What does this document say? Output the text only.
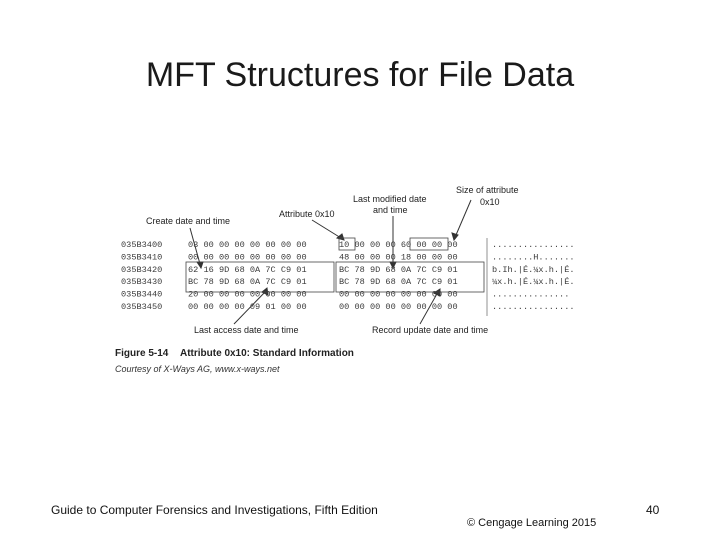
MFT Structures for File Data
Create date and time
Attribute 0x10
Last modified date
and time
Size of attribute
0x10
Last access date and time	Record update date and time
035B3400	03 00 00 00 00 00 00 00	10 00 00 00 60 00 00 00	................
035B3410	00 00 00 00 00 00 00 00	48 00 00 00 18 00 00 00	........H.......
035B3420	62 16 9D 68 0A 7C C9 01	BC 78 9D 68 0A 7C C9 01	b.Ih.|É.¼x.h.|É.
035B3430	BC 78 9D 68 0A 7C C9 01	BC 78 9D 68 0A 7C C9 01	¼x.h.|É.¼x.h.|É.
035B3440	20 00 00 00 00 00 00 00	00 00 00 00 00 00 00 00	...............
035B3450	00 00 00 00 09 01 00 00	00 00 00 00 00 00 00 00	................
Figure 5-14 Attribute 0x10: Standard Information
Courtesy of X-Ways AG, www.x-ways.net
Guide to Computer Forensics and Investigations, Fifth Edition
© Cengage Learning 2015
40
